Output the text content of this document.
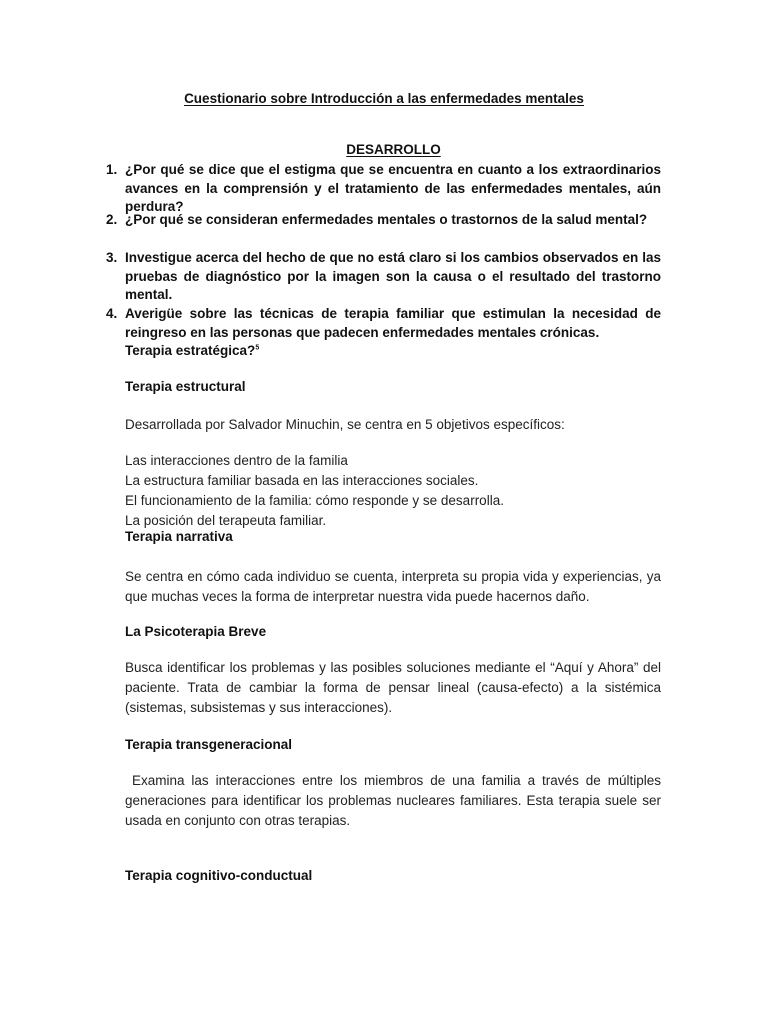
Cuestionario sobre Introducción a las enfermedades mentales
DESARROLLO
1. ¿Por qué se dice que el estigma que se encuentra en cuanto a los extraordinarios avances en la comprensión y el tratamiento de las enfermedades mentales, aún perdura?
2. ¿Por qué se consideran enfermedades mentales o trastornos de la salud mental?
3. Investigue acerca del hecho de que no está claro si los cambios observados en las pruebas de diagnóstico por la imagen son la causa o el resultado del trastorno mental.
4. Averigüe sobre las técnicas de terapia familiar que estimulan la necesidad de reingreso en las personas que padecen enfermedades mentales crónicas.
Terapia estratégica?$^5$
Terapia estructural
Desarrollada por Salvador Minuchin, se centra en 5 objetivos específicos:
Las interacciones dentro de la familia
La estructura familiar basada en las interacciones sociales.
El funcionamiento de la familia: cómo responde y se desarrolla.
La posición del terapeuta familiar.
Terapia narrativa
Se centra en cómo cada individuo se cuenta, interpreta su propia vida y experiencias, ya que muchas veces la forma de interpretar nuestra vida puede hacernos daño.
La Psicoterapia Breve
Busca identificar los problemas y las posibles soluciones mediante el “Aquí y Ahora” del paciente. Trata de cambiar la forma de pensar lineal (causa-efecto) a la sistémica (sistemas, subsistemas y sus interacciones).
Terapia transgeneracional
Examina las interacciones entre los miembros de una familia a través de múltiples generaciones para identificar los problemas nucleares familiares. Esta terapia suele ser usada en conjunto con otras terapias.
Terapia cognitivo-conductual
